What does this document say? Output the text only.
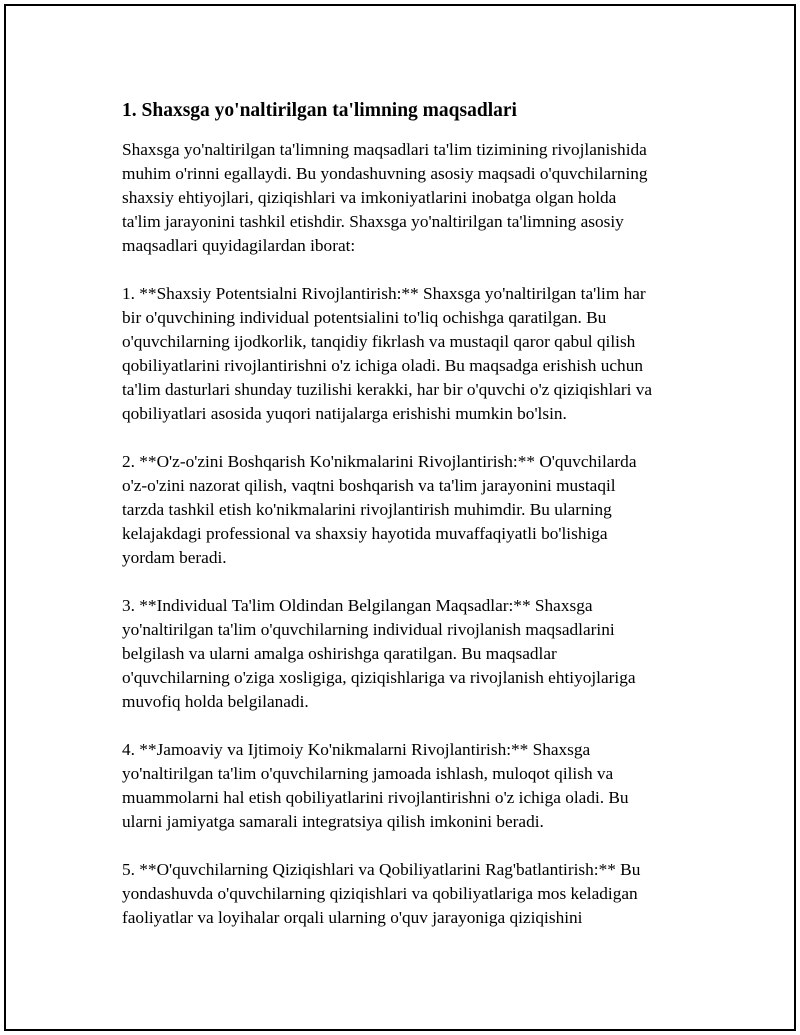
1. Shaxsga yo'naltirilgan ta'limning maqsadlari
Shaxsga yo'naltirilgan ta'limning maqsadlari ta'lim tizimining rivojlanishida
muhim o'rinni egallaydi. Bu yondashuvning asosiy maqsadi o'quvchilarning
shaxsiy ehtiyojlari, qiziqishlari va imkoniyatlarini inobatga olgan holda
ta'lim jarayonini tashkil etishdir. Shaxsga yo'naltirilgan ta'limning asosiy
maqsadlari quyidagilardan iborat:
1. **Shaxsiy Potentsialni Rivojlantirish:** Shaxsga yo'naltirilgan ta'lim har
bir o'quvchining individual potentsialini to'liq ochishga qaratilgan. Bu
o'quvchilarning ijodkorlik, tanqidiy fikrlash va mustaqil qaror qabul qilish
qobiliyatlarini rivojlantirishni o'z ichiga oladi. Bu maqsadga erishish uchun
ta'lim dasturlari shunday tuzilishi kerakki, har bir o'quvchi o'z qiziqishlari va
qobiliyatlari asosida yuqori natijalarga erishishi mumkin bo'lsin.
2. **O'z-o'zini Boshqarish Ko'nikmalarini Rivojlantirish:** O'quvchilarda
o'z-o'zini nazorat qilish, vaqtni boshqarish va ta'lim jarayonini mustaqil
tarzda tashkil etish ko'nikmalarini rivojlantirish muhimdir. Bu ularning
kelajakdagi professional va shaxsiy hayotida muvaffaqiyatli bo'lishiga
yordam beradi.
3. **Individual Ta'lim Oldindan Belgilangan Maqsadlar:** Shaxsga
yo'naltirilgan ta'lim o'quvchilarning individual rivojlanish maqsadlarini
belgilash va ularni amalga oshirishga qaratilgan. Bu maqsadlar
o'quvchilarning o'ziga xosligiga, qiziqishlariga va rivojlanish ehtiyojlariga
muvofiq holda belgilanadi.
4. **Jamoaviy va Ijtimoiy Ko'nikmalarni Rivojlantirish:** Shaxsga
yo'naltirilgan ta'lim o'quvchilarning jamoada ishlash, muloqot qilish va
muammolarni hal etish qobiliyatlarini rivojlantirishni o'z ichiga oladi. Bu
ularni jamiyatga samarali integratsiya qilish imkonini beradi.
5. **O'quvchilarning Qiziqishlari va Qobiliyatlarini Rag'batlantirish:** Bu
yondashuvda o'quvchilarning qiziqishlari va qobiliyatlariga mos keladigan
faoliyatlar va loyihalar orqali ularning o'quv jarayoniga qiziqishini
